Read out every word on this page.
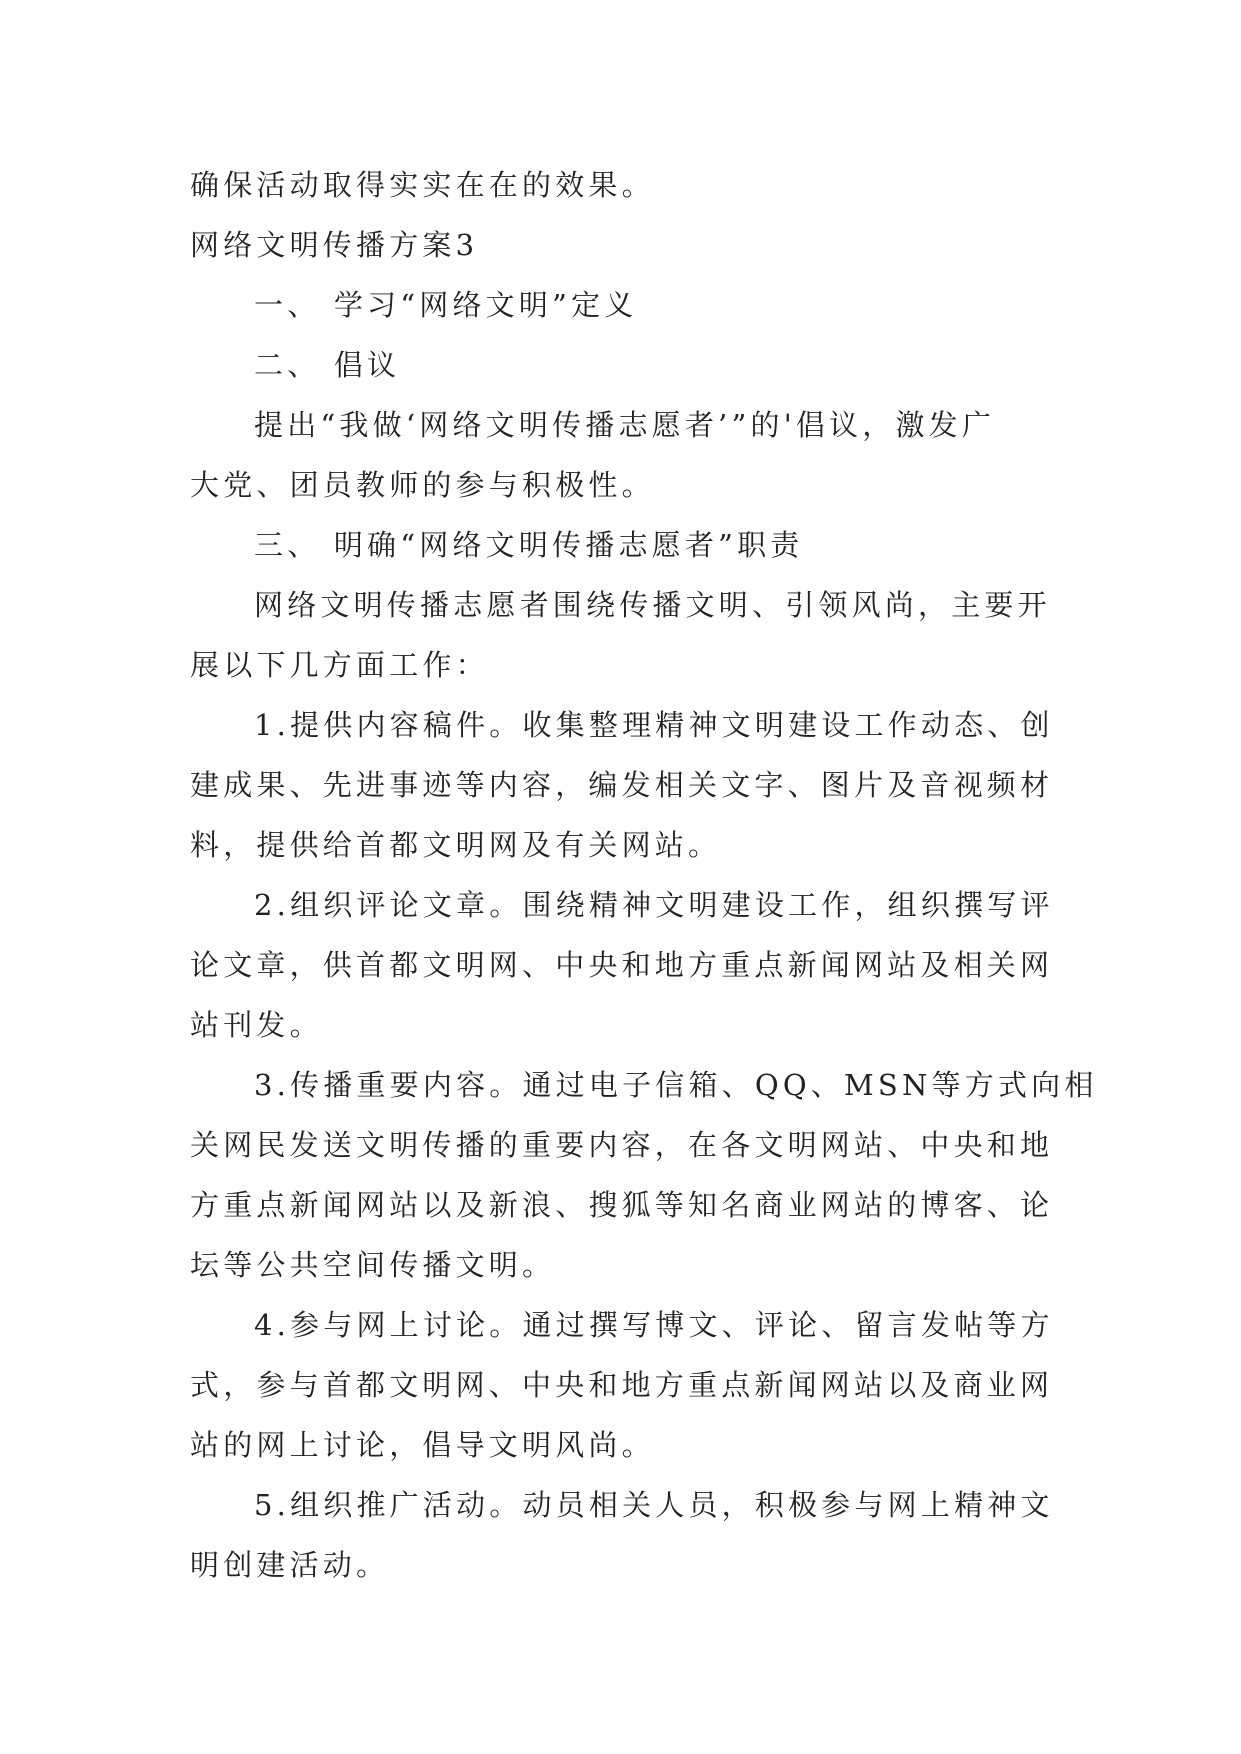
确保活动取得实实在在的效果。
网络文明传播方案3
一、 学习“网络文明”定义
二、 倡议
提出“我做‘网络文明传播志愿者’”的'倡议，激发广
大党、团员教师的参与积极性。
三、 明确“网络文明传播志愿者”职责
网络文明传播志愿者围绕传播文明、引领风尚，主要开
展以下几方面工作：
1.提供内容稿件。收集整理精神文明建设工作动态、创
建成果、先进事迹等内容，编发相关文字、图片及音视频材
料，提供给首都文明网及有关网站。
2.组织评论文章。围绕精神文明建设工作，组织撰写评
论文章，供首都文明网、中央和地方重点新闻网站及相关网
站刊发。
3.传播重要内容。通过电子信箱、QQ、MSN等方式向相
关网民发送文明传播的重要内容，在各文明网站、中央和地
方重点新闻网站以及新浪、搜狐等知名商业网站的博客、论
坛等公共空间传播文明。
4.参与网上讨论。通过撰写博文、评论、留言发帖等方
式，参与首都文明网、中央和地方重点新闻网站以及商业网
站的网上讨论，倡导文明风尚。
5.组织推广活动。动员相关人员，积极参与网上精神文
明创建活动。
